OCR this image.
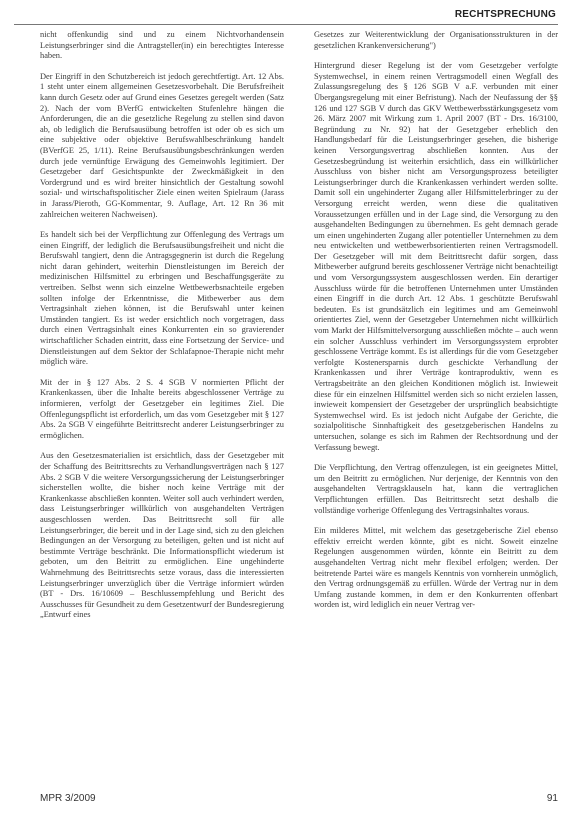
RECHTSPRECHUNG

nicht offenkundig sind und zu einem Nichtvorhandensein Leistungserbringer sind die Antragsteller(in) ein berechtigtes Interesse haben.

Der Eingriff in den Schutzbereich ist jedoch gerechtfertigt. Art. 12 Abs. 1 steht unter einem allgemeinen Gesetzesvorbehalt. Die Berufsfreiheit kann durch Gesetz oder auf Grund eines Gesetzes geregelt werden (Satz 2). Nach der vom BVerfG entwickelten Stufenlehre hängen die Anforderungen, die an die gesetzliche Regelung zu stellen sind davon ab, ob lediglich die Berufsausübung betroffen ist oder ob es sich um eine subjektive oder objektive Berufswahlbeschränkung handelt (BVerfGE 25, 1/11). Reine Berufsausübungsbeschränkungen werden durch jede vernünftige Erwägung des Gemeinwohls legitimiert. Der Gesetzgeber darf Gesichtspunkte der Zweckmäßigkeit in den Vordergrund und es wird breiter hinsichtlich der Gestaltung sowohl sozial- und wirtschaftspolitischer Ziele einen weiten Spielraum (Jarass in Jarass/Pieroth, GG-Kommentar, 9. Auflage, Art. 12 Rn 36 mit zahlreichen weiteren Nachweisen).

Es handelt sich bei der Verpflichtung zur Offenlegung des Vertrags um einen Eingriff, der lediglich die Berufsausübungsfreiheit und nicht die Berufswahl tangiert, denn die Antragsgegnerin ist durch die Regelung nicht daran gehindert, weiterhin Dienstleistungen im Bereich der medizinischen Hilfsmittel zu erbringen und Beschaffungsgeräte zu vertreiben. Selbst wenn sich einzelne Wettbewerbsnachteile ergeben sollten infolge der Erkenntnisse, die Mitbewerber aus dem Vertragsinhalt ziehen können, ist die Berufswahl unter keinen Umständen tangiert. Es ist weder ersichtlich noch vorgetragen, dass durch einen Vertragsinhalt eines Konkurrenten ein so gravierender wirtschaftlicher Schaden eintritt, dass eine Fortsetzung der Service- und Dienstleistungen auf dem Sektor der Schlafapnoe-Therapie nicht mehr möglich wäre.

Mit der in § 127 Abs. 2 S. 4 SGB V normierten Pflicht der Krankenkassen, über die Inhalte bereits abgeschlossener Verträge zu informieren, verfolgt der Gesetzgeber ein legitimes Ziel. Die Offenlegungspflicht ist erforderlich, um das vom Gesetzgeber mit § 127 Abs. 2a SGB V eingeführte Beitrittsrecht anderer Leistungserbringer zu ermöglichen.

Aus den Gesetzesmaterialien ist ersichtlich, dass der Gesetzgeber mit der Schaffung des Beitrittsrechts zu Verhandlungsverträgen nach § 127 Abs. 2 SGB V die weitere Versorgungssicherung der Leistungserbringer sicherstellen wollte, die bisher noch keine Verträge mit der Krankenkasse abschließen konnten. Weiter soll auch verhindert werden, dass Leistungserbringer willkürlich von ausgehandelten Verträgen ausgeschlossen werden. Das Beitrittsrecht soll für alle Leistungserbringer, die bereit und in der Lage sind, sich zu den gleichen Bedingungen an der Versorgung zu beteiligen, gelten und ist nicht auf bestimmte Verträge beschränkt. Die Informationspflicht wiederum ist geboten, um den Beitritt zu ermöglichen. Eine ungehinderte Wahrnehmung des Beitrittsrechts setze voraus, dass die interessierten Leistungserbringer unverzüglich über die Verträge informiert würden (BT - Drs. 16/10609 – Beschlussempfehlung und Bericht des Ausschusses für Gesundheit zu dem Gesetzentwurf der Bundesregierung „Entwurf eines

Gesetzes zur Weiterentwicklung der Organisationsstrukturen in der gesetzlichen Krankenversicherung")

Hintergrund dieser Regelung ist der vom Gesetzgeber verfolgte Systemwechsel, in einem reinen Vertragsmodell einen Wegfall des Zulassungsregelung des § 126 SGB V a.F. verbunden mit einer Übergangsregelung mit einer Befristung). Nach der Neufassung der §§ 126 und 127 SGB V durch das GKV Wettbewerbsstärkungsgesetz vom 26. März 2007 mit Wirkung zum 1. April 2007 (BT - Drs. 16/3100, Begründung zu Nr. 92) hat der Gesetzgeber erheblich den Handlungsbedarf für die Leistungserbringer gesehen, die bisherige keinen Versorgungsvertrag abschließen konnten. Aus der Gesetzesbegründung ist weiterhin ersichtlich, dass ein willkürlicher Ausschluss von bisher nicht am Versorgungsprozess beteiligter Leistungserbringer durch die Krankenkassen verhindert werden sollte. Damit soll ein ungehinderter Zugang aller Hilfsmittelerbringer zu der Versorgung erreicht werden, wenn diese die qualitativen Voraussetzungen erfüllen und in der Lage sind, die Versorgung zu den ausgehandelten Bedingungen zu übernehmen. Es geht demnach gerade um einen ungehinderten Zugang aller potentieller Unternehmen zu dem neu entwickelten und wettbewerbsorientierten reinen Vertragsmodell. Der Gesetzgeber will mit dem Beitrittsrecht dafür sorgen, dass Mitbewerber aufgrund bereits geschlossener Verträge nicht benachteiligt und vom Versorgungssystem ausgeschlossen werden. Ein derartiger Ausschluss würde für die betroffenen Unternehmen unter Umständen einen Eingriff in die durch Art. 12 Abs. 1 geschützte Berufswahl bedeuten. Es ist grundsätzlich ein legitimes und am Gemeinwohl orientiertes Ziel, wenn der Gesetzgeber Unternehmen nicht willkürlich vom Markt der Hilfsmittelversorgung ausschließen möchte – auch wenn ein solcher Ausschluss verhindert im Versorgungssystem erprobter geschlossene Verträge kommt. Es ist allerdings für die vom Gesetzgeber verfolgte Kostenersparnis durch geschickte Verhandlung der Krankenkassen und ihrer Verträge kontraproduktiv, wenn es Vertragsbeiträte an den gleichen Konditionen möglich ist. Inwieweit diese für ein einzelnen Hilfsmittel werden sich so nicht erzielen lassen, inwieweit kompensiert der Gesetzgeber der ursprünglich beabsichtigte Systemwechsel wird. Es ist jedoch nicht Aufgabe der Gerichte, die sozialpolitische Sinnhaftigkeit des gesetzgeberischen Handelns zu untersuchen, solange es sich im Rahmen der Rechtsordnung und der Verfassung bewegt.

Die Verpflichtung, den Vertrag offenzulegen, ist ein geeignetes Mittel, um den Beitritt zu ermöglichen. Nur derjenige, der Kenntnis von den ausgehandelten Vertragsklauseln hat, kann die vertraglichen Verpflichtungen erfüllen. Das Beitrittsrecht setzt deshalb die vollständige vorherige Offenlegung des Vertragsinhaltes voraus.

Ein milderes Mittel, mit welchem das gesetzgeberische Ziel ebenso effektiv erreicht werden könnte, gibt es nicht. Soweit einzelne Regelungen ausgenommen würden, könnte ein Beitritt zu dem ausgehandelten Vertrag nicht mehr flexibel erfolgen; werden. Der beitretende Partei wäre es mangels Kenntnis von vornherein unmöglich, den Vertrag ordnungsgemäß zu erfüllen. Würde der Vertrag nur in dem Umfang zustande kommen, in dem er den Konkurrenten offenbart worden ist, wird lediglich ein neuer Vertrag ver-

MPR 3/2009	91
